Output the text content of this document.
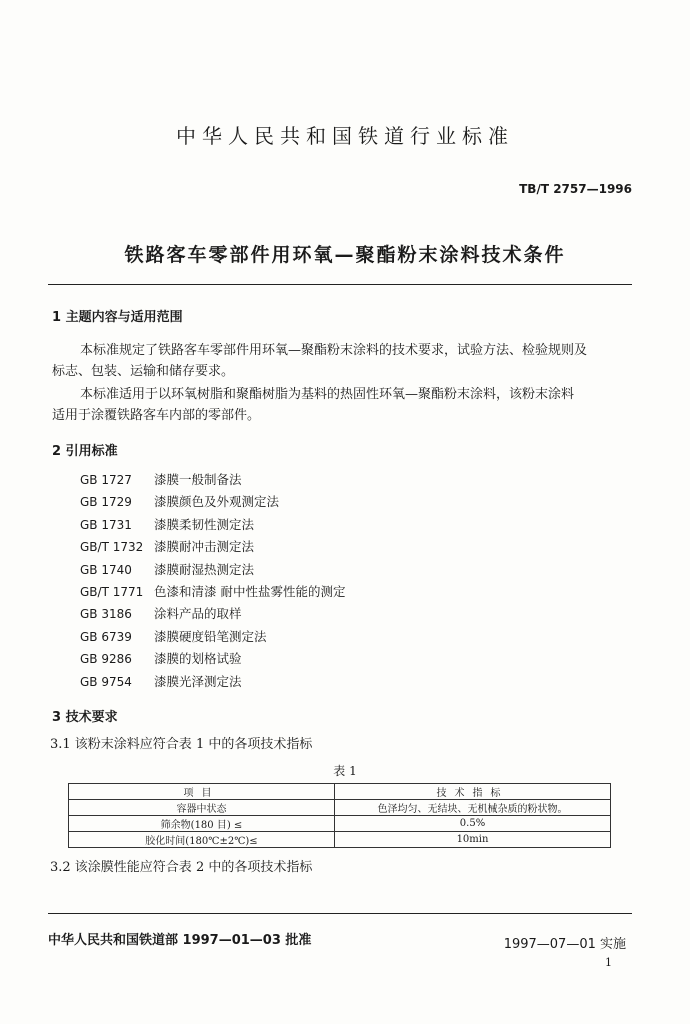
中华人民共和国铁道行业标准
TB/T 2757—1996
铁路客车零部件用环氧—聚酯粉末涂料技术条件
1 主题内容与适用范围
本标准规定了铁路客车零部件用环氧—聚酯粉末涂料的技术要求，试验方法、检验规则及
标志、包装、运输和储存要求。
本标准适用于以环氧树脂和聚酯树脂为基料的热固性环氧—聚酯粉末涂料，该粉末涂料
适用于涂覆铁路客车内部的零部件。
2 引用标准
GB 1727 漆膜一般制备法
GB 1729 漆膜颜色及外观测定法
GB 1731 漆膜柔韧性测定法
GB/T 1732 漆膜耐冲击测定法
GB 1740 漆膜耐湿热测定法
GB/T 1771 色漆和清漆 耐中性盐雾性能的测定
GB 3186 涂料产品的取样
GB 6739 漆膜硬度铅笔测定法
GB 9286 漆膜的划格试验
GB 9754 漆膜光泽测定法
3 技术要求
3.1 该粉末涂料应符合表 1 中的各项技术指标
表 1
项目	技术指标
容器中状态	色泽均匀、无结块、无机械杂质的粉状物。
筛余物(180 目) ≤	0.5%
胶化时间(180℃±2℃)≤	10min
3.2 该涂膜性能应符合表 2 中的各项技术指标
中华人民共和国铁道部 1997—01—03 批准	1997—07—01 实施
1
